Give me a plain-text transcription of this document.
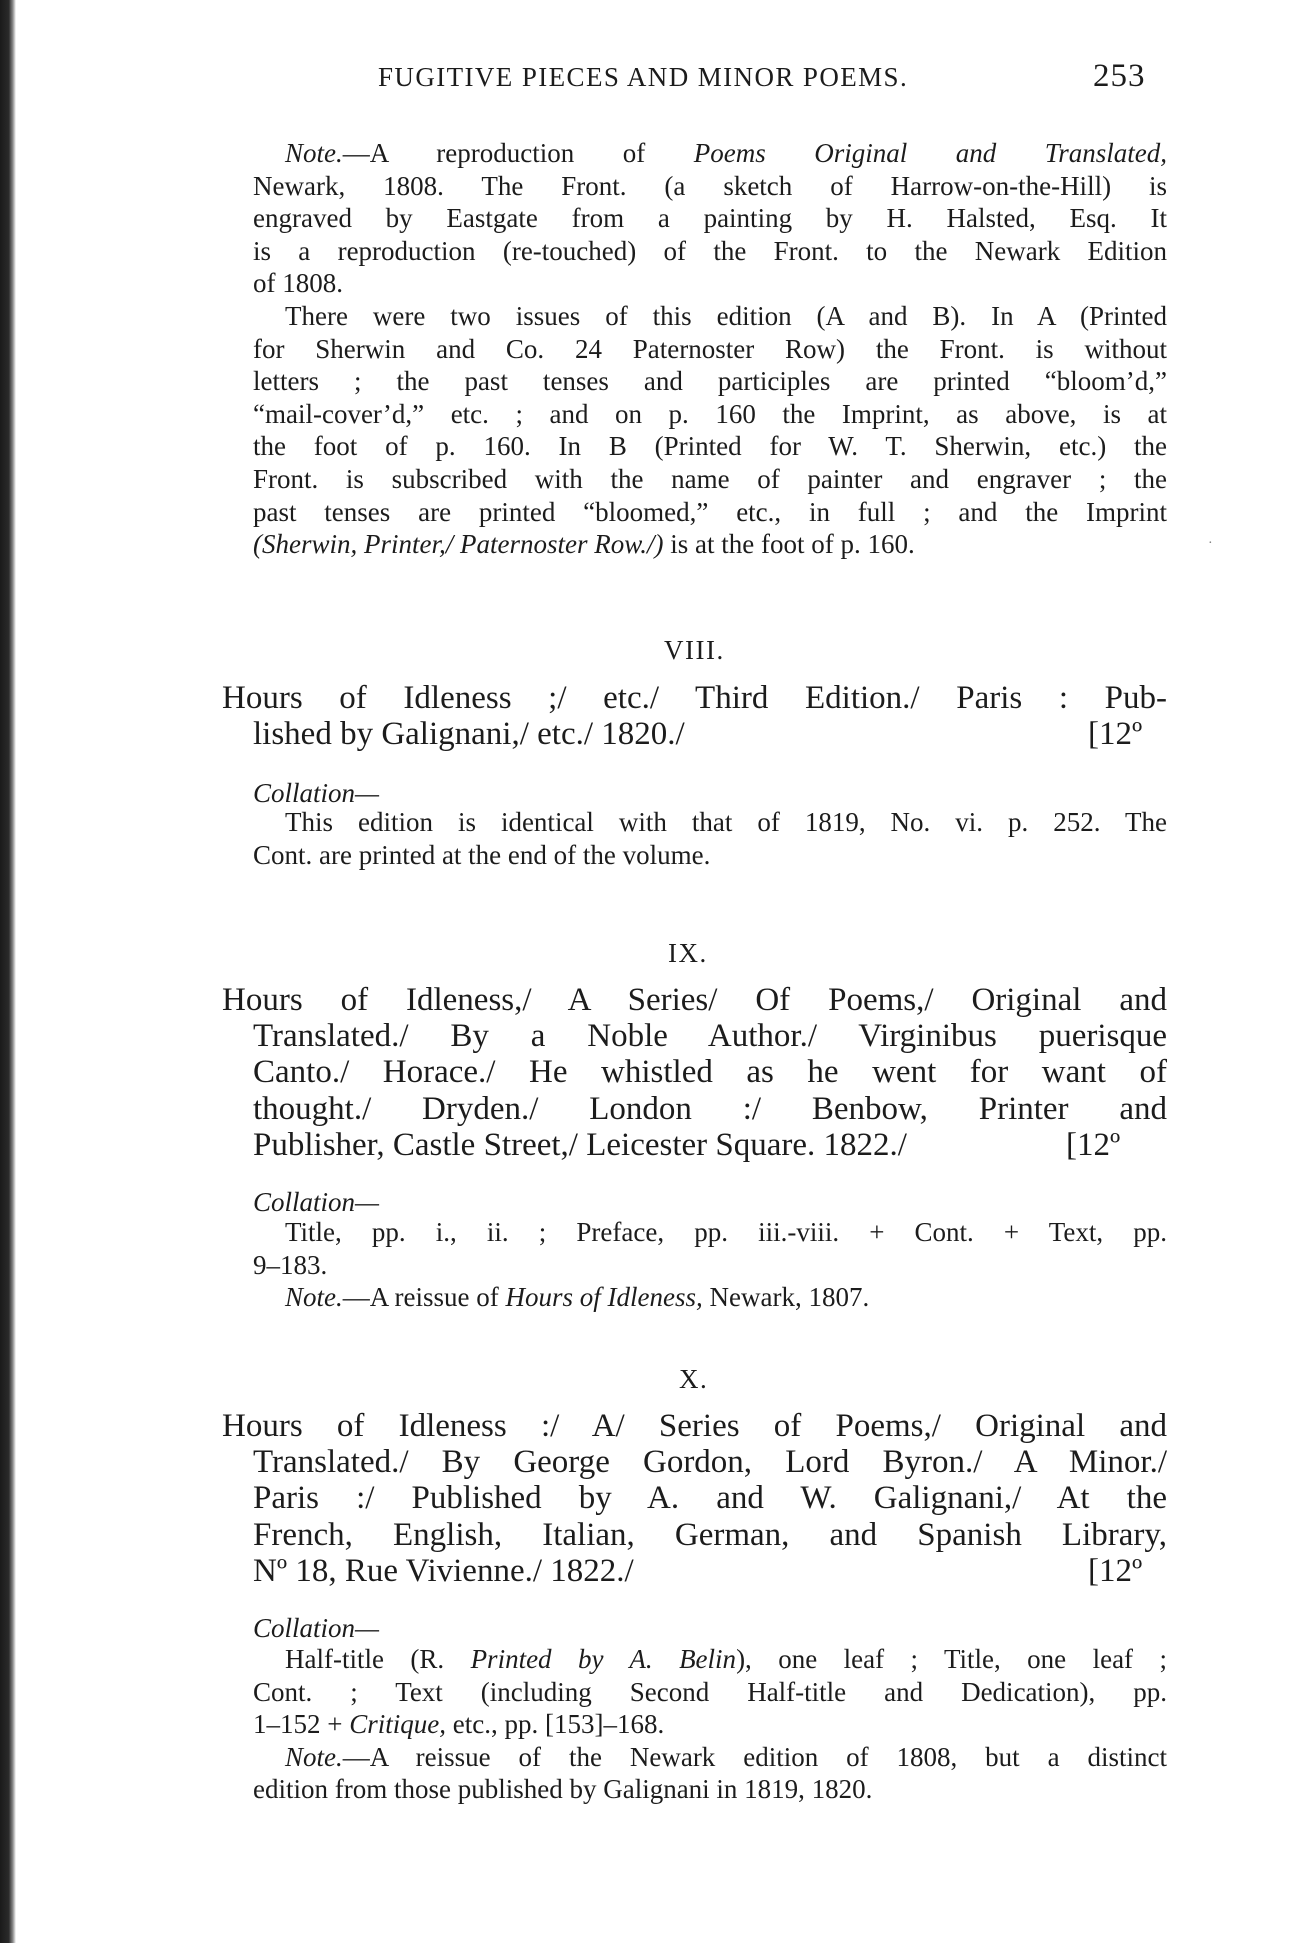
FUGITIVE PIECES AND MINOR POEMS.	253
Note.—A reproduction of Poems Original and Translated,
Newark, 1808. The Front. (a sketch of Harrow-on-the-Hill) is
engraved by Eastgate from a painting by H. Halsted, Esq. It
is a reproduction (re-touched) of the Front. to the Newark Edition
of 1808.
There were two issues of this edition (A and B). In A (Printed
for Sherwin and Co. 24 Paternoster Row) the Front. is without
letters ; the past tenses and participles are printed “bloom’d,”
“mail-cover’d,” etc. ; and on p. 160 the Imprint, as above, is at
the foot of p. 160. In B (Printed for W. T. Sherwin, etc.) the
Front. is subscribed with the name of painter and engraver ; the
past tenses are printed “bloomed,” etc., in full ; and the Imprint
(Sherwin, Printer,/ Paternoster Row./) is at the foot of p. 160.	·
VIII.
Hours of Idleness ;/ etc./ Third Edition./ Paris : Pub-
lished by Galignani,/ etc./ 1820./	[12º
Collation—
This edition is identical with that of 1819, No. vi. p. 252. The
Cont. are printed at the end of the volume.
IX.
Hours of Idleness,/ A Series/ Of Poems,/ Original and
Translated./ By a Noble Author./ Virginibus puerisque
Canto./ Horace./ He whistled as he went for want of
thought./ Dryden./ London :/ Benbow, Printer and
Publisher, Castle Street,/ Leicester Square. 1822./	[12º
Collation—
Title, pp. i., ii. ; Preface, pp. iii.-viii. + Cont. + Text, pp.
9–183.
Note.—A reissue of Hours of Idleness, Newark, 1807.
X.
Hours of Idleness :/ A/ Series of Poems,/ Original and
Translated./ By George Gordon, Lord Byron./ A Minor./
Paris :/ Published by A. and W. Galignani,/ At the
French, English, Italian, German, and Spanish Library,
Nº 18, Rue Vivienne./ 1822./	[12º
Collation—
Half-title (R. Printed by A. Belin), one leaf ; Title, one leaf ;
Cont. ; Text (including Second Half-title and Dedication), pp.
1–152 + Critique, etc., pp. [153]–168.
Note.—A reissue of the Newark edition of 1808, but a distinct
edition from those published by Galignani in 1819, 1820.
